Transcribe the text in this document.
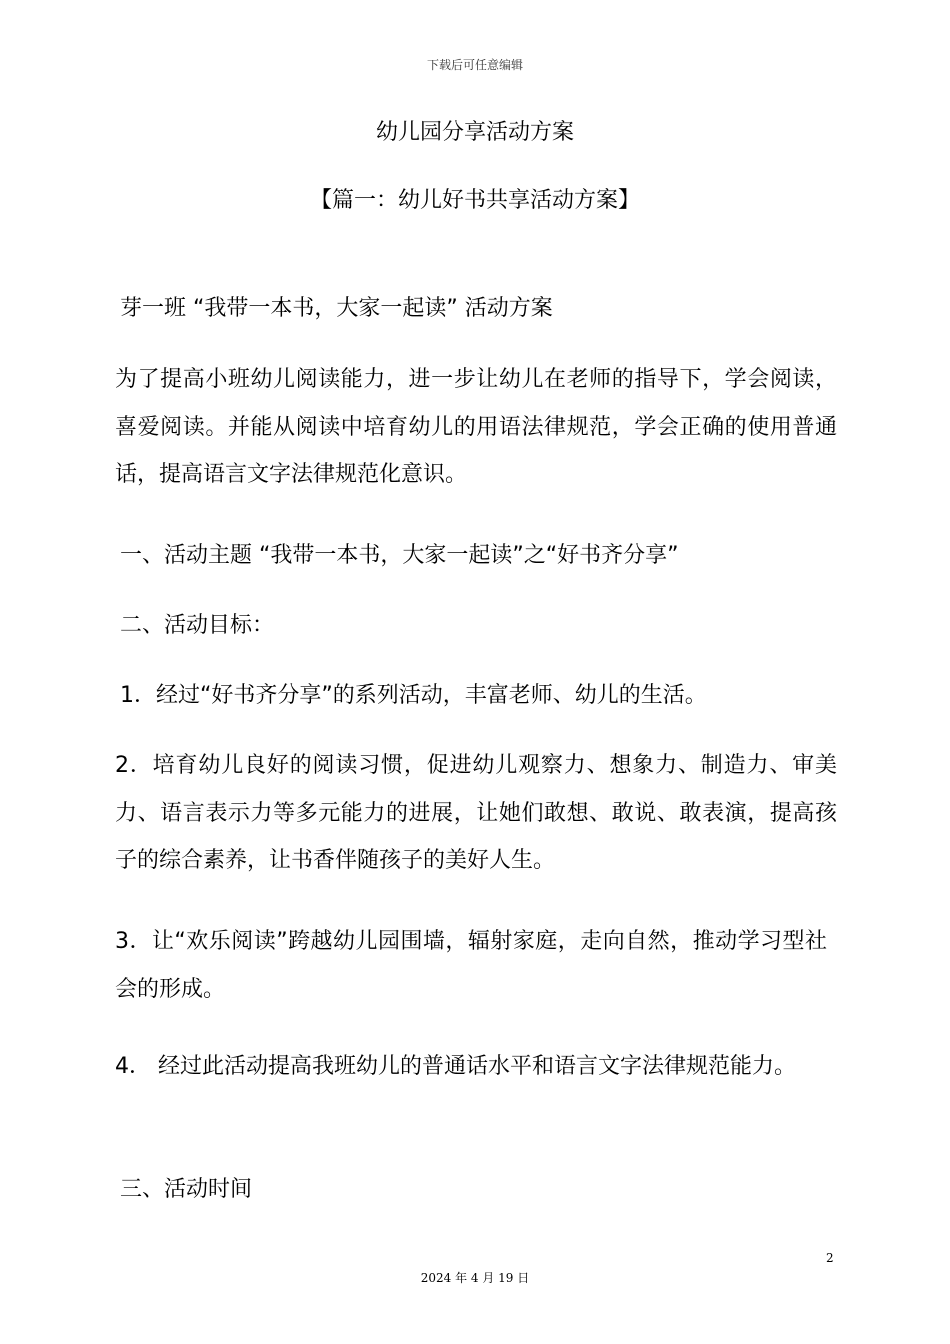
下载后可任意编辑
幼儿园分享活动方案
【篇一：幼儿好书共享活动方案】
芽一班 “我带一本书，大家一起读” 活动方案
为了提高小班幼儿阅读能力，进一步让幼儿在老师的指导下，学会阅读，喜爱阅读。并能从阅读中培育幼儿的用语法律规范，学会正确的使用普通话，提高语言文字法律规范化意识。
一、活动主题 “我带一本书，大家一起读”之“好书齐分享”
二、活动目标：
1．经过“好书齐分享”的系列活动，丰富老师、幼儿的生活。
2．培育幼儿良好的阅读习惯，促进幼儿观察力、想象力、制造力、审美力、语言表示力等多元能力的进展，让她们敢想、敢说、敢表演，提高孩子的综合素养，让书香伴随孩子的美好人生。
3．让“欢乐阅读”跨越幼儿园围墙，辐射家庭，走向自然，推动学习型社会的形成。
4． 经过此活动提高我班幼儿的普通话水平和语言文字法律规范能力。
三、活动时间
2
2024 年 4 月 19 日
